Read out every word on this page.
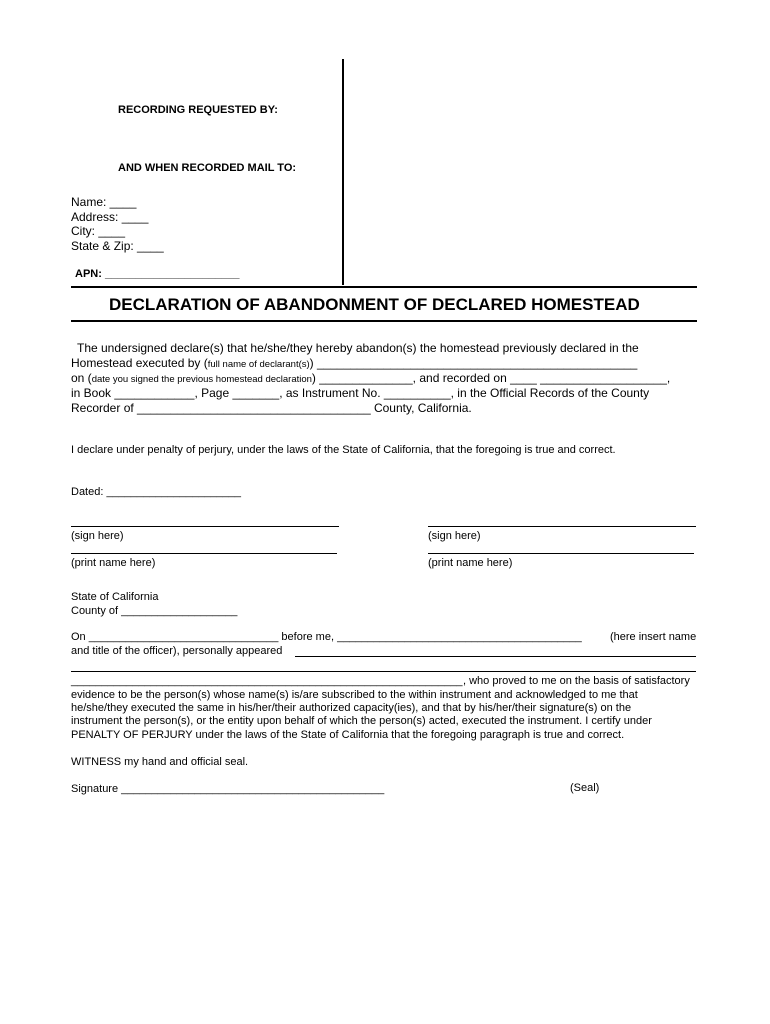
RECORDING REQUESTED BY:
AND WHEN RECORDED MAIL TO:
Name: ____
Address: ____
City: ____
State & Zip: ____
APN: ______________________
DECLARATION OF ABANDONMENT OF DECLARED HOMESTEAD
The undersigned declare(s) that he/she/they hereby abandon(s) the homestead previously declared in the
Homestead executed by (full name of declarant(s)) ________________________________________________
on (date you signed the previous homestead declaration) ______________, and recorded on ____ ___________________,
in Book ____________, Page _______, as Instrument No. __________, in the Official Records of the County
Recorder of ___________________________________ County, California.
I declare under penalty of perjury, under the laws of the State of California, that the foregoing is true and correct.
Dated: ______________________
(sign here)	(sign here)
(print name here)	(print name here)
State of California
County of ___________________
On _______________________________ before me, ________________________________________	(here insert name
and title of the officer), personally appeared
________________________________________________________________ , who proved to me on the basis of satisfactory
evidence to be the person(s) whose name(s) is/are subscribed to the within instrument and acknowledged to me that
he/she/they executed the same in his/her/their authorized capacity(ies), and that by his/her/their signature(s) on the
instrument the person(s), or the entity upon behalf of which the person(s) acted, executed the instrument. I certify under
PENALTY OF PERJURY under the laws of the State of California that the foregoing paragraph is true and correct.
WITNESS my hand and official seal.
Signature ___________________________________________	(Seal)
